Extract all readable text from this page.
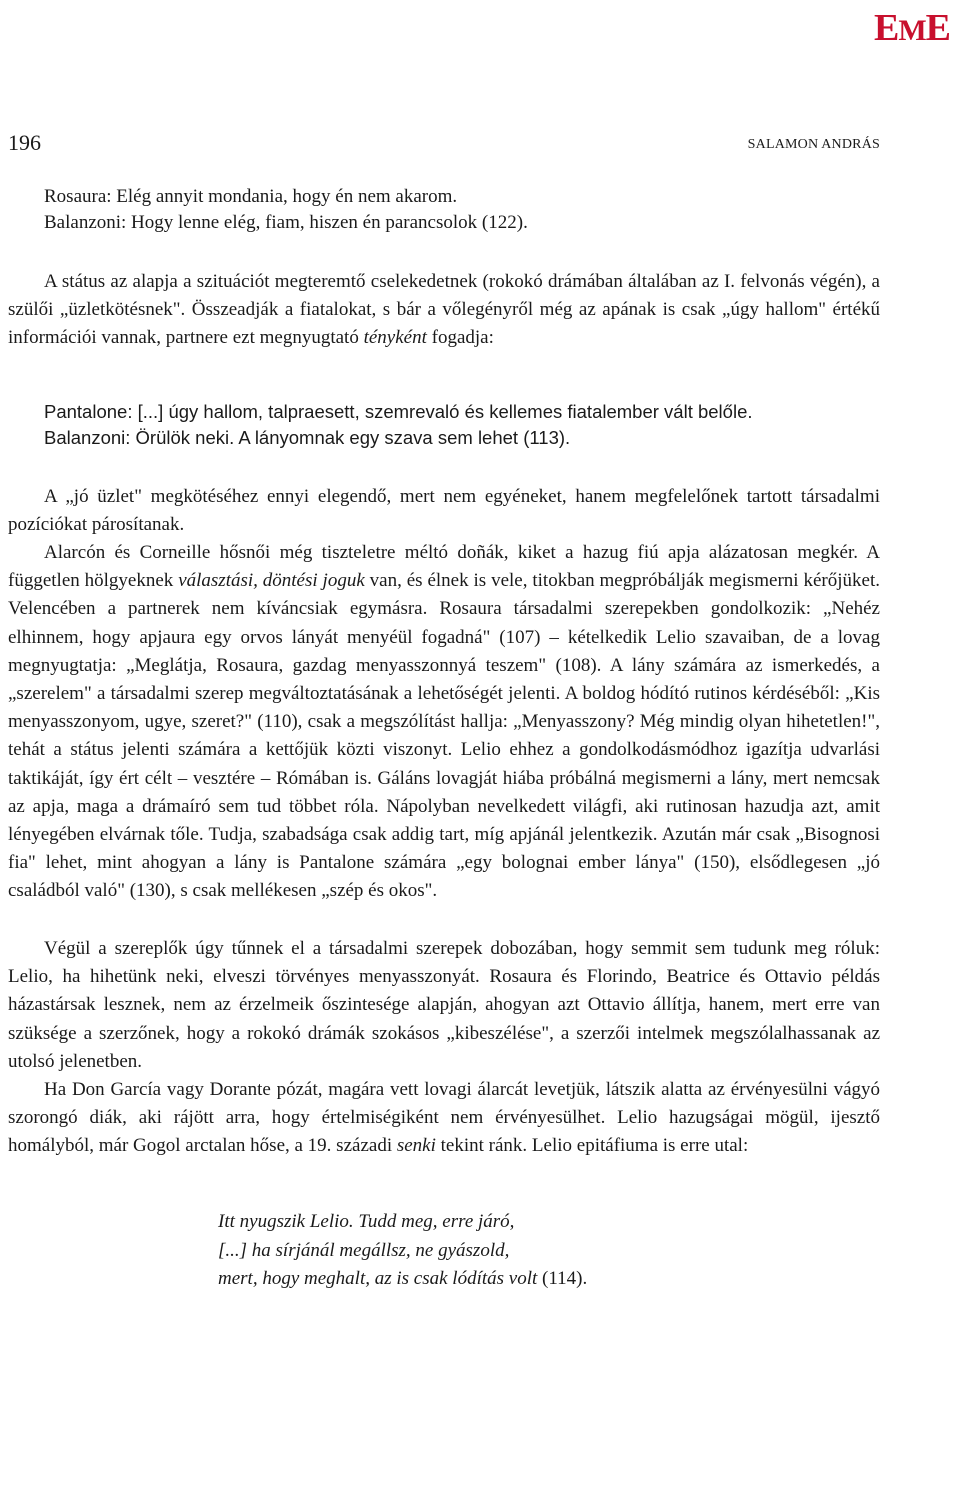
EME
196	SALAMON ANDRÁS
Rosaura: Elég annyit mondania, hogy én nem akarom.
Balanzoni: Hogy lenne elég, fiam, hiszen én parancsolok (122).

A státus az alapja a szituációt megteremtő cselekedetnek (rokokó drámában általában az I. felvonás végén), a szülői „üzletkötésnek". Összeadják a fiatalokat, s bár a vőlegényről még az apának is csak „úgy hallom" értékű információi vannak, partnere ezt megnyugtató tényként fogadja:

Pantalone: [...] úgy hallom, talpraesett, szemrevaló és kellemes fiatalember vált belőle.
Balanzoni: Örülök neki. A lányomnak egy szava sem lehet (113).

A „jó üzlet" megkötéséhez ennyi elegendő, mert nem egyéneket, hanem megfelelőnek tartott társadalmi pozíciókat párosítanak.

Alarcón és Corneille hősnői még tiszteletre méltó doñák, kiket a hazug fiú apja alázatosan megkér. A független hölgyeknek választási, döntési joguk van, és élnek is vele, titokban megpróbálják megismerni kérőjüket. Velencében a partnerek nem kíváncsiak egymásra. Rosaura társadalmi szerepekben gondolkozik: „Nehéz elhinnem, hogy apjaura egy orvos lányát menyéül fogadná" (107) – kételkedik Lelio szavaiban, de a lovag megnyugtatja: „Meglátja, Rosaura, gazdag menyasszonnyá teszem" (108). A lány számára az ismerkedés, a „szerelem" a társadalmi szerep megváltoztatásának a lehetőségét jelenti. A boldog hódító rutinos kérdéséből: „Kis menyasszonyom, ugye, szeret?" (110), csak a megszólítást hallja: „Menyasszony? Még mindig olyan hihetetlen!", tehát a státus jelenti számára a kettőjük közti viszonyt. Lelio ehhez a gondolkodásmódhoz igazítja udvarlási taktikáját, így ért célt – vesztére – Rómában is. Gáláns lovagját hiába próbálná megismerni a lány, mert nemcsak az apja, maga a drámaíró sem tud többet róla. Nápolyban nevelkedett világfi, aki rutinosan hazudja azt, amit lényegében elvárnak tőle. Tudja, szabadsága csak addig tart, míg apjánál jelentkezik. Azután már csak „Bisognosi fia" lehet, mint ahogyan a lány is Pantalone számára „egy bolognai ember lánya" (150), elsődlegesen „jó családból való" (130), s csak mellékesen „szép és okos".

Végül a szereplők úgy tűnnek el a társadalmi szerepek dobozában, hogy semmit sem tudunk meg róluk: Lelio, ha hihetünk neki, elveszi törvényes menyasszonyát. Rosaura és Florindo, Beatrice és Ottavio példás házastársak lesznek, nem az érzelmeik őszintesége alapján, ahogyan azt Ottavio állítja, hanem, mert erre van szüksége a szerzőnek, hogy a rokokó drámák szokásos „kibeszélése", a szerzői intelmek megszólalhassanak az utolsó jelenetben.

Ha Don García vagy Dorante pózát, magára vett lovagi álarcát levetjük, látszik alatta az érvényesülni vágyó szorongó diák, aki rájött arra, hogy értelmiségiként nem érvényesülhet. Lelio hazugságai mögül, ijesztő homályból, már Gogol arctalan hőse, a 19. századi senki tekint ránk. Lelio epitáfiuma is erre utal:

Itt nyugszik Lelio. Tudd meg, erre járó,
[...] ha sírjánál megállsz, ne gyászold,
mert, hogy meghalt, az is csak lódítás volt (114).
